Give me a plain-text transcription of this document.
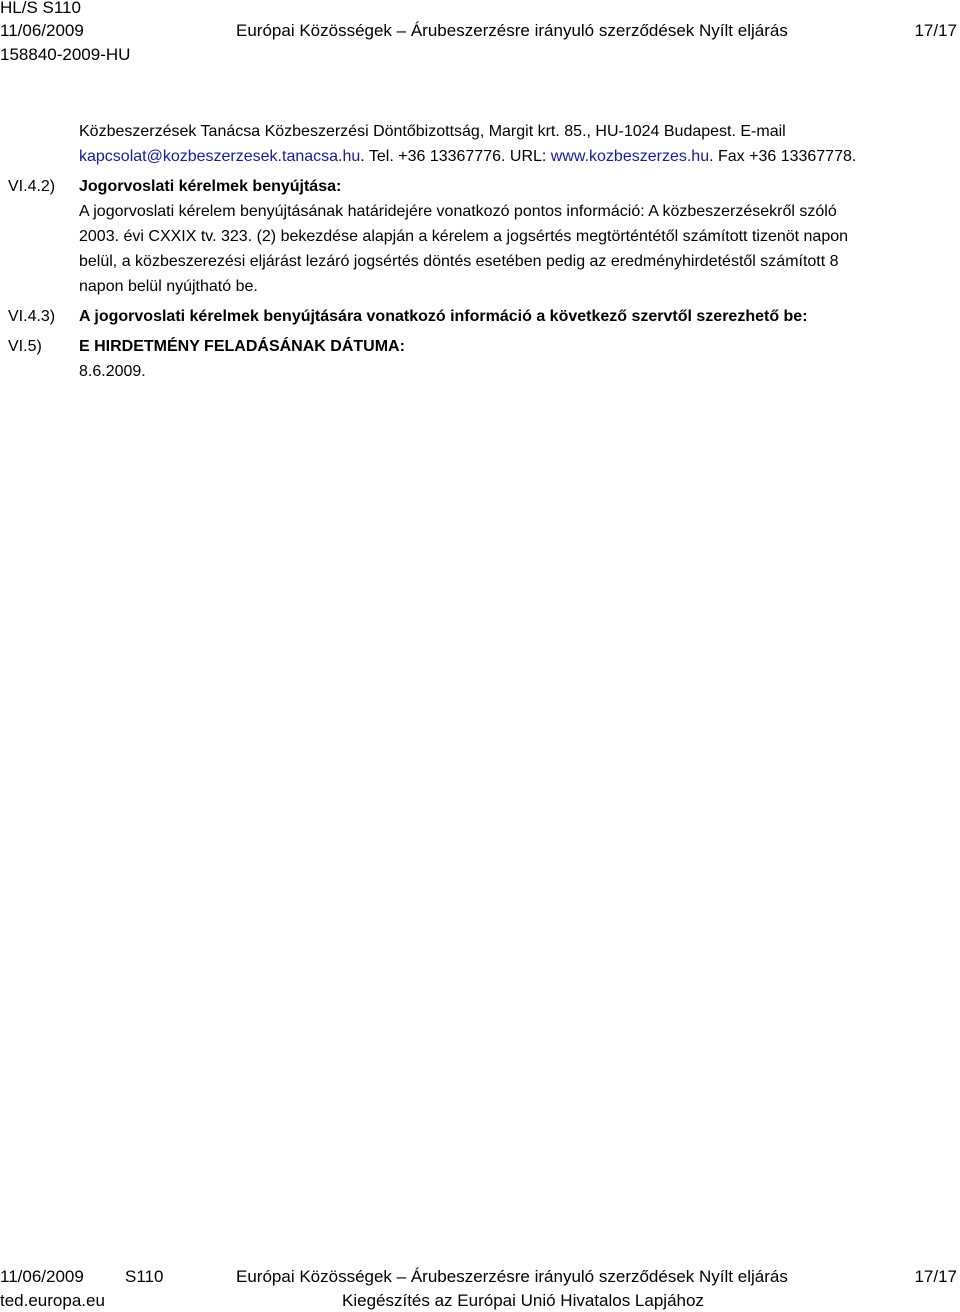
HL/S S110
11/06/2009
158840-2009-HU
Európai Közösségek – Árubeszerzésre irányuló szerződések Nyílt eljárás	17/17
Közbeszerzések Tanácsa Közbeszerzési Döntőbizottság, Margit krt. 85., HU-1024 Budapest. E-mail
kapcsolat@kozbeszerzesek.tanacsa.hu. Tel. +36 13367776. URL: www.kozbeszerzes.hu. Fax +36 13367778.
VI.4.2) Jogorvoslati kérelmek benyújtása:
A jogorvoslati kérelem benyújtásának határidejére vonatkozó pontos információ: A közbeszerzésekről szóló
2003. évi CXXIX tv. 323. (2) bekezdése alapján a kérelem a jogsértés megtörténtétől számított tizenöt napon
belül, a közbeszerezési eljárást lezáró jogsértés döntés esetében pedig az eredményhirdetéstől számított 8
napon belül nyújtható be.
VI.4.3) A jogorvoslati kérelmek benyújtására vonatkozó információ a következő szervtől szerezhető be:
VI.5) E HIRDETMÉNY FELADÁSÁNAK DÁTUMA:
8.6.2009.
11/06/2009 S110	Európai Közösségek – Árubeszerzésre irányuló szerződések Nyílt eljárás	17/17
ted.europa.eu	Kiegészítés az Európai Unió Hivatalos Lapjához
